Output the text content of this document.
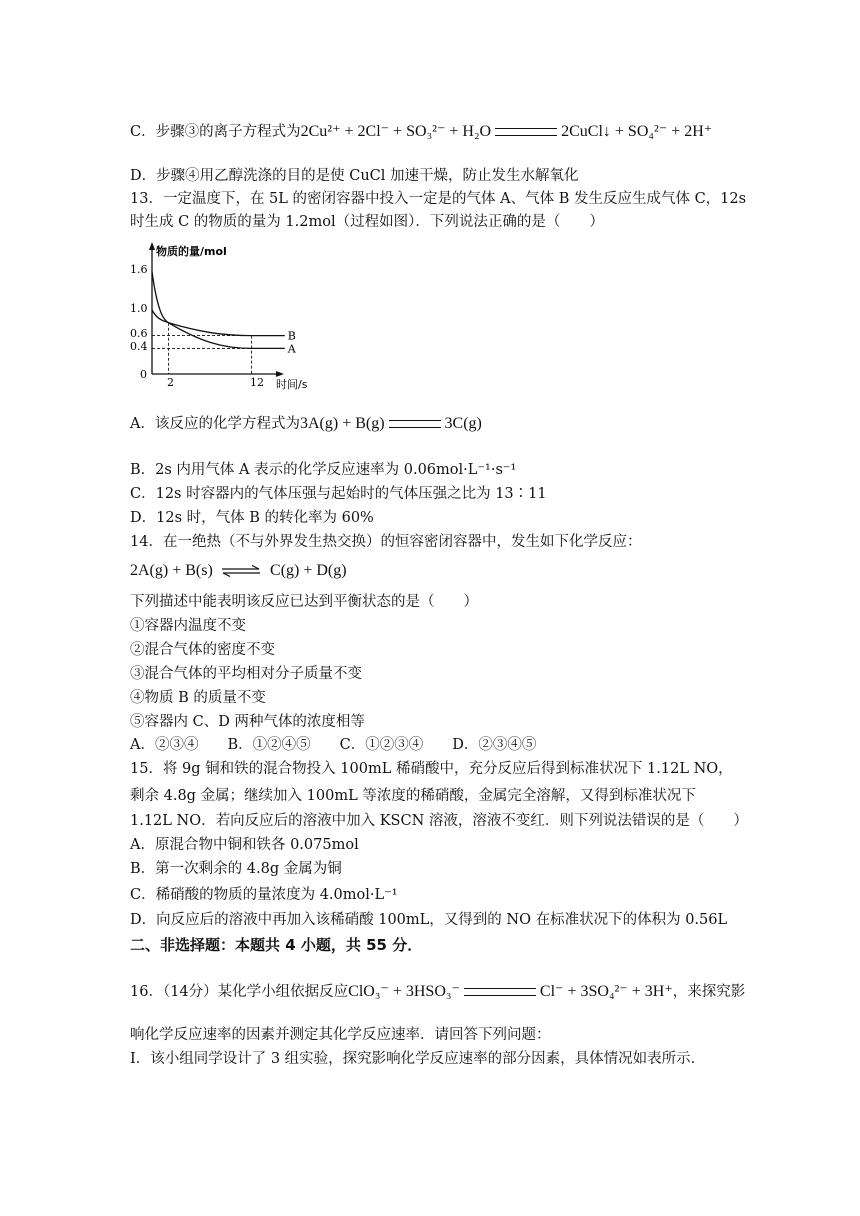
C．步骤③的离子方程式为2Cu²⁺ + 2Cl⁻ + SO₃²⁻ + H₂O	2CuCl↓ + SO₄²⁻ + 2H⁺
D．步骤④用乙醇洗涤的目的是使 CuCl 加速干燥，防止发生水解氧化
13．一定温度下，在 5L 的密闭容器中投入一定是的气体 A、气体 B 发生反应生成气体 C，12s
时生成 C 的物质的量为 1.2mol（过程如图）．下列说法正确的是（　　）
物质的量/mol
时间/s
1.6
1.0
0.6
0.4
0
2	12
A
B
A．该反应的化学方程式为3A(g) + B(g)	3C(g)
B．2s 内用气体 A 表示的化学反应速率为 0.06mol·L⁻¹·s⁻¹
C．12s 时容器内的气体压强与起始时的气体压强之比为 13∶11
D．12s 时，气体 B 的转化率为 60%
14．在一绝热（不与外界发生热交换）的恒容密闭容器中，发生如下化学反应：
2A(g) + B(s) ⇌ C(g) + D(g)
下列描述中能表明该反应已达到平衡状态的是（　　）
①容器内温度不变
②混合气体的密度不变
③混合气体的平均相对分子质量不变
④物质 B 的质量不变
⑤容器内 C、D 两种气体的浓度相等
A．②③④　　B．①②④⑤　　C．①②③④　　D．②③④⑤
15．将 9g 铜和铁的混合物投入 100mL 稀硝酸中，充分反应后得到标准状况下 1.12L NO，
剩余 4.8g 金属；继续加入 100mL 等浓度的稀硝酸，金属完全溶解，又得到标准状况下
1.12L NO．若向反应后的溶液中加入 KSCN 溶液，溶液不变红．则下列说法错误的是（　　）
A．原混合物中铜和铁各 0.075mol
B．第一次剩余的 4.8g 金属为铜
C．稀硝酸的物质的量浓度为 4.0mol·L⁻¹
D．向反应后的溶液中再加入该稀硝酸 100mL，又得到的 NO 在标准状况下的体积为 0.56L
二、非选择题：本题共 4 小题，共 55 分．
16．（14分）某化学小组依据反应ClO₃⁻ + 3HSO₃⁻	Cl⁻ + 3SO₄²⁻ + 3H⁺，来探究影
响化学反应速率的因素并测定其化学反应速率．请回答下列问题：
Ⅰ．该小组同学设计了 3 组实验，探究影响化学反应速率的部分因素，具体情况如表所示．
